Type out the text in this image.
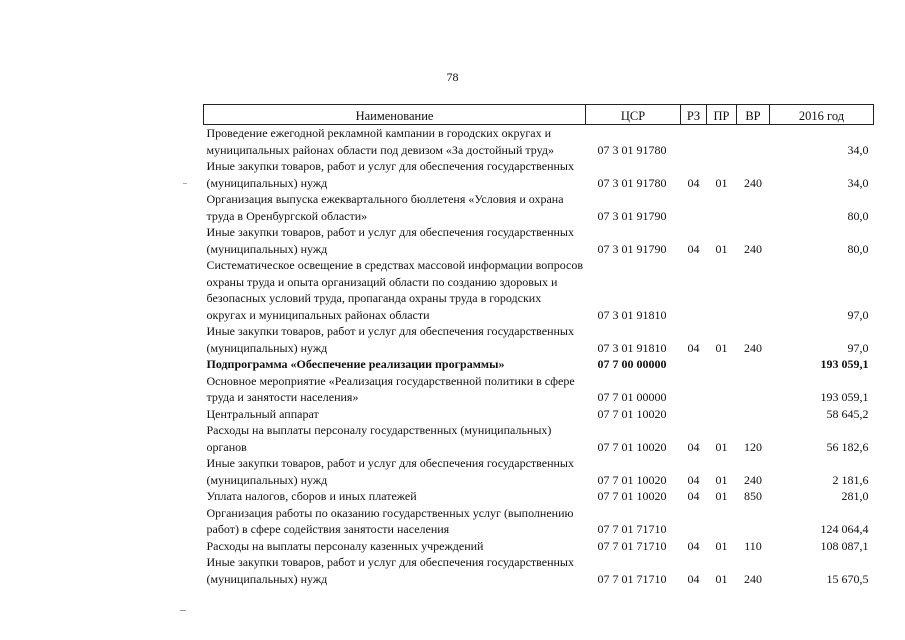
78
Наименование	ЦСР	РЗ	ПР	ВР	2016 год
Проведение ежегодной рекламной кампании в городских округах и муниципальных районах области под девизом «За достойный труд»	07 3 01 91780				34,0
Иные закупки товаров, работ и услуг для обеспечения государственных (муниципальных) нужд	07 3 01 91780	04	01	240	34,0
Организация выпуска ежеквартального бюллетеня «Условия и охрана труда в Оренбургской области»	07 3 01 91790				80,0
Иные закупки товаров, работ и услуг для обеспечения государственных (муниципальных) нужд	07 3 01 91790	04	01	240	80,0
Систематическое освещение в средствах массовой информации вопросов охраны труда и опыта организаций области по созданию здоровых и безопасных условий труда, пропаганда охраны труда в городских округах и муниципальных районах области	07 3 01 91810				97,0
Иные закупки товаров, работ и услуг для обеспечения государственных (муниципальных) нужд	07 3 01 91810	04	01	240	97,0
Подпрограмма «Обеспечение реализации программы»	07 7 00 00000				193 059,1
Основное мероприятие «Реализация государственной политики в сфере труда и занятости населения»	07 7 01 00000				193 059,1
Центральный аппарат	07 7 01 10020				58 645,2
Расходы на выплаты персоналу государственных (муниципальных) органов	07 7 01 10020	04	01	120	56 182,6
Иные закупки товаров, работ и услуг для обеспечения государственных (муниципальных) нужд	07 7 01 10020	04	01	240	2 181,6
Уплата налогов, сборов и иных платежей	07 7 01 10020	04	01	850	281,0
Организация работы по оказанию государственных услуг (выполнению работ) в сфере содействия занятости населения	07 7 01 71710				124 064,4
Расходы на выплаты персоналу казенных учреждений	07 7 01 71710	04	01	110	108 087,1
Иные закупки товаров, работ и услуг для обеспечения государственных (муниципальных) нужд	07 7 01 71710	04	01	240	15 670,5
